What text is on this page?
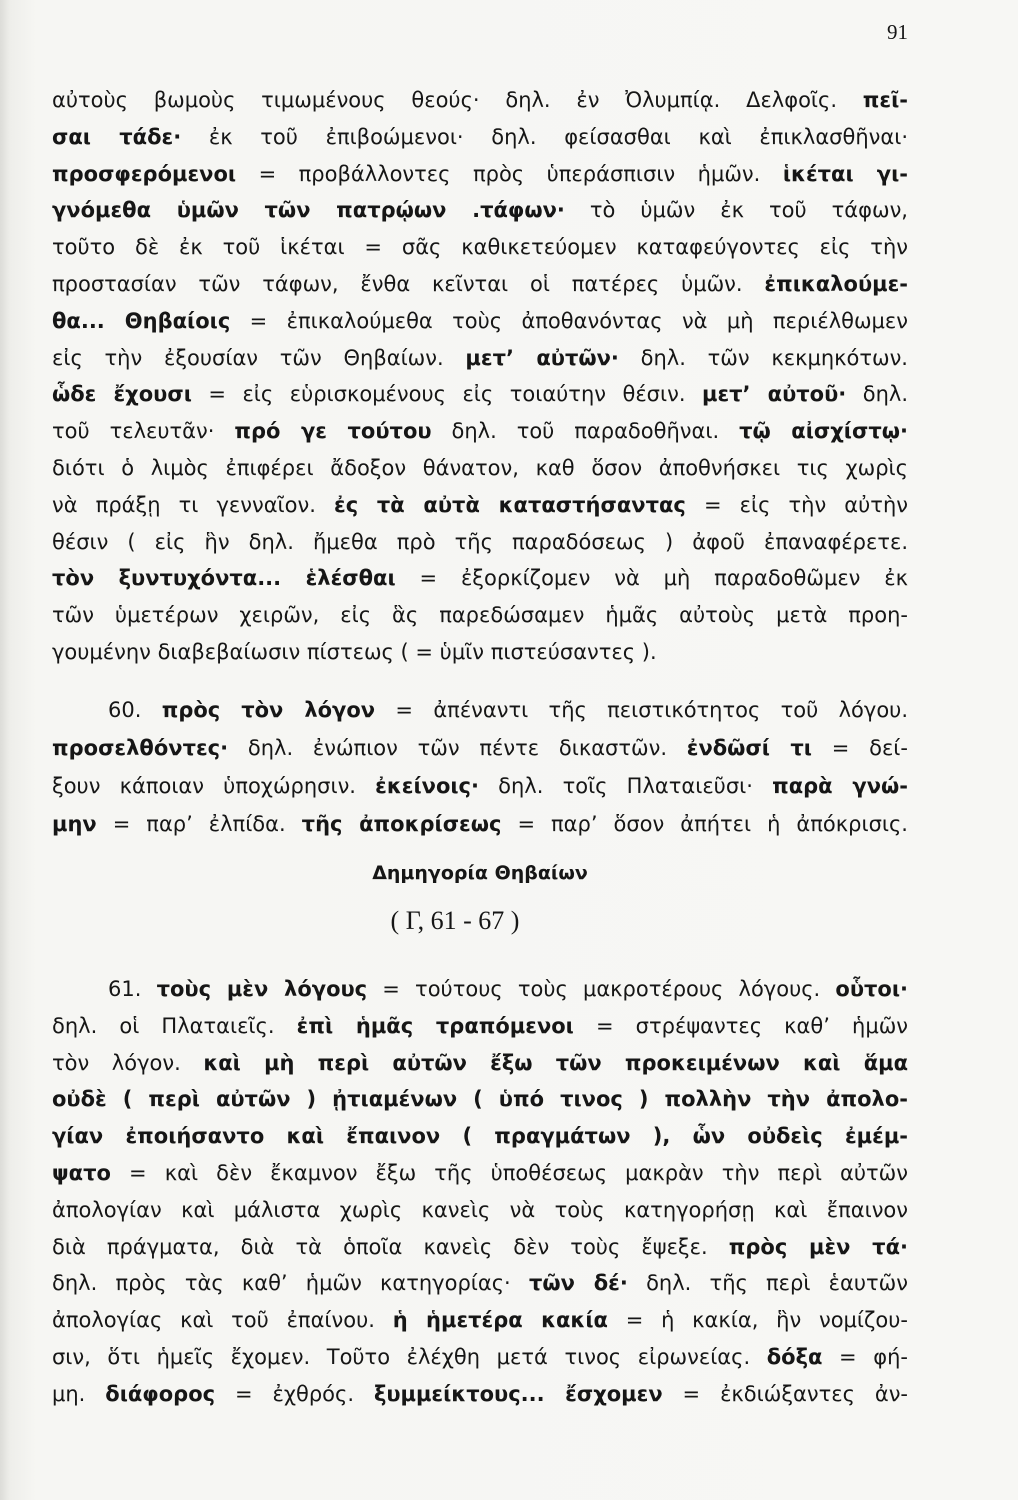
91
αὐτοὺς βωμοὺς τιμωμένους θεούς· δηλ. ἐν Ὀλυμπίᾳ. Δελφοῖς. πεῖ-
σαι τάδε· ἐκ τοῦ ἐπιβοώμενοι· δηλ. φείσασθαι καὶ ἐπικλασθῆναι·
προσφερόμενοι = προβάλλοντες πρὸς ὑπεράσπισιν ἡμῶν. ἱκέται γι-
γνόμεθα ὑμῶν τῶν πατρῴων .τάφων· τὸ ὑμῶν ἐκ τοῦ τάφων,
τοῦτο δὲ ἐκ τοῦ ἱκέται = σᾶς καθικετεύομεν καταφεύγοντες εἰς τὴν
προστασίαν τῶν τάφων, ἔνθα κεῖνται οἱ πατέρες ὑμῶν. ἐπικαλούμε-
θα... Θηβαίοις = ἐπικαλούμεθα τοὺς ἀποθανόντας νὰ μὴ περιέλθωμεν
εἰς τὴν ἐξουσίαν τῶν Θηβαίων. μετ’ αὐτῶν· δηλ. τῶν κεκμηκότων.
ὧδε ἔχουσι = εἰς εὑρισκομένους εἰς τοιαύτην θέσιν. μετ’ αὐτοῦ· δηλ.
τοῦ τελευτᾶν· πρό γε τούτου δηλ. τοῦ παραδοθῆναι. τῷ αἰσχίστῳ·
διότι ὁ λιμὸς ἐπιφέρει ἄδοξον θάνατον, καθ ὅσον ἀποθνήσκει τις χωρὶς
νὰ πράξῃ τι γενναῖον. ἐς τὰ αὐτὰ καταστήσαντας = εἰς τὴν αὐτὴν
θέσιν ( εἰς ἣν δηλ. ἤμεθα πρὸ τῆς παραδόσεως ) ἀφοῦ ἐπαναφέρετε.
τὸν ξυντυχόντα... ἑλέσθαι = ἐξορκίζομεν νὰ μὴ παραδοθῶμεν ἐκ
τῶν ὑμετέρων χειρῶν, εἰς ἃς παρεδώσαμεν ἡμᾶς αὐτοὺς μετὰ προη-
γουμένην διαβεβαίωσιν πίστεως ( = ὑμῖν πιστεύσαντες ).
60. πρὸς τὸν λόγον = ἀπέναντι τῆς πειστικότητος τοῦ λόγου.
προσελθόντες· δηλ. ἐνώπιον τῶν πέντε δικαστῶν. ἐνδῶσί τι = δεί-
ξουν κάποιαν ὑποχώρησιν. ἐκείνοις· δηλ. τοῖς Πλαταιεῦσι· παρὰ γνώ-
μην = παρ’ ἐλπίδα. τῆς ἀποκρίσεως = παρ’ ὅσον ἀπήτει ἡ ἀπόκρισις.
Δημηγορία Θηβαίων
( Γ, 61 - 67 )
61. τοὺς μὲν λόγους = τούτους τοὺς μακροτέρους λόγους. οὗτοι·
δηλ. οἱ Πλαταιεῖς. ἐπὶ ἡμᾶς τραπόμενοι = στρέψαντες καθ’ ἡμῶν
τὸν λόγον. καὶ μὴ περὶ αὐτῶν ἔξω τῶν προκειμένων καὶ ἅμα
οὐδὲ ( περὶ αὐτῶν ) ᾐτιαμένων ( ὑπό τινος ) πολλὴν τὴν ἀπολο-
γίαν ἐποιήσαντο καὶ ἔπαινον ( πραγμάτων ), ὧν οὐδεὶς ἐμέμ-
ψατο = καὶ δὲν ἔκαμνον ἔξω τῆς ὑποθέσεως μακρὰν τὴν περὶ αὐτῶν
ἀπολογίαν καὶ μάλιστα χωρὶς κανεὶς νὰ τοὺς κατηγορήσῃ καὶ ἔπαινον
διὰ πράγματα, διὰ τὰ ὁποῖα κανεὶς δὲν τοὺς ἔψεξε. πρὸς μὲν τά·
δηλ. πρὸς τὰς καθ’ ἡμῶν κατηγορίας· τῶν δέ· δηλ. τῆς περὶ ἑαυτῶν
ἀπολογίας καὶ τοῦ ἐπαίνου. ἡ ἡμετέρα κακία = ἡ κακία, ἣν νομίζου-
σιν, ὅτι ἡμεῖς ἔχομεν. Τοῦτο ἐλέχθη μετά τινος εἰρωνείας. δόξα = φή-
μη. διάφορος = ἐχθρός. ξυμμείκτους... ἔσχομεν = ἐκδιώξαντες ἀν-
